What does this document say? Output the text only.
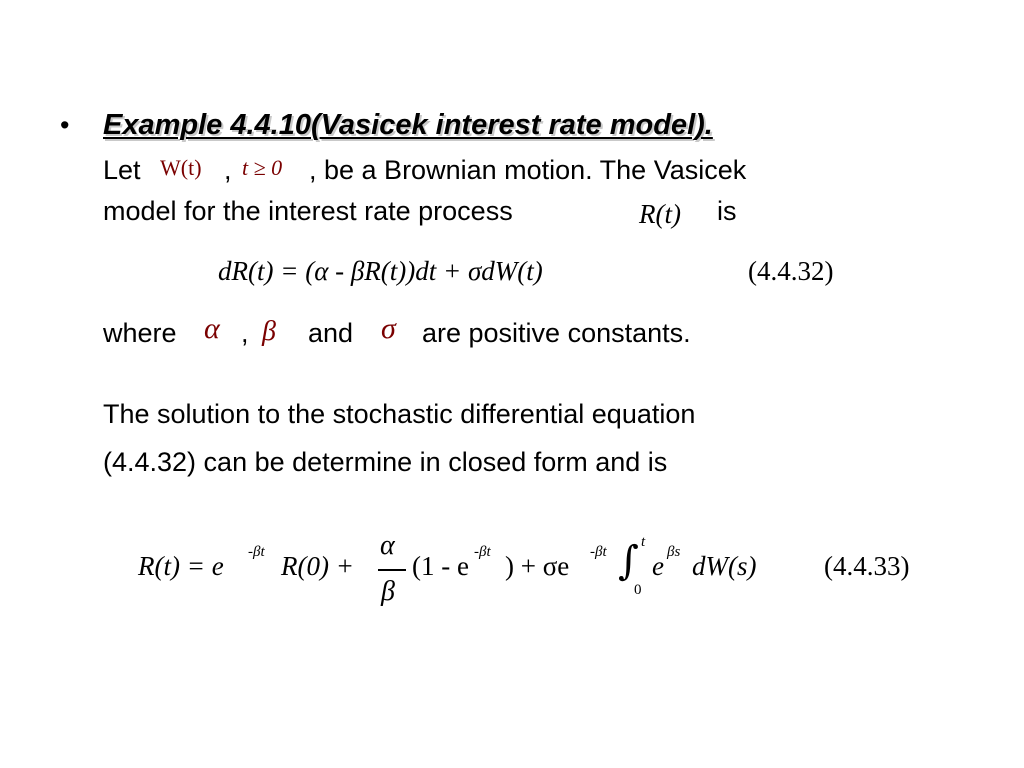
• Example 4.4.10(Vasicek interest rate model).
Let W(t) , t ≥ 0 , be a Brownian motion. The Vasicek
model for the interest rate process	R(t) is
dR(t) = (α - βR(t))dt + σdW(t)	(4.4.32)
where α , β and σ are positive constants.
The solution to the stochastic differential equation
(4.4.32) can be determine in closed form and is
R(t) = e -βt R(0) +
α
β
(1 - e -βt ) + σe -βt ∫ t
0
e βs dW(s)	(4.4.33)
